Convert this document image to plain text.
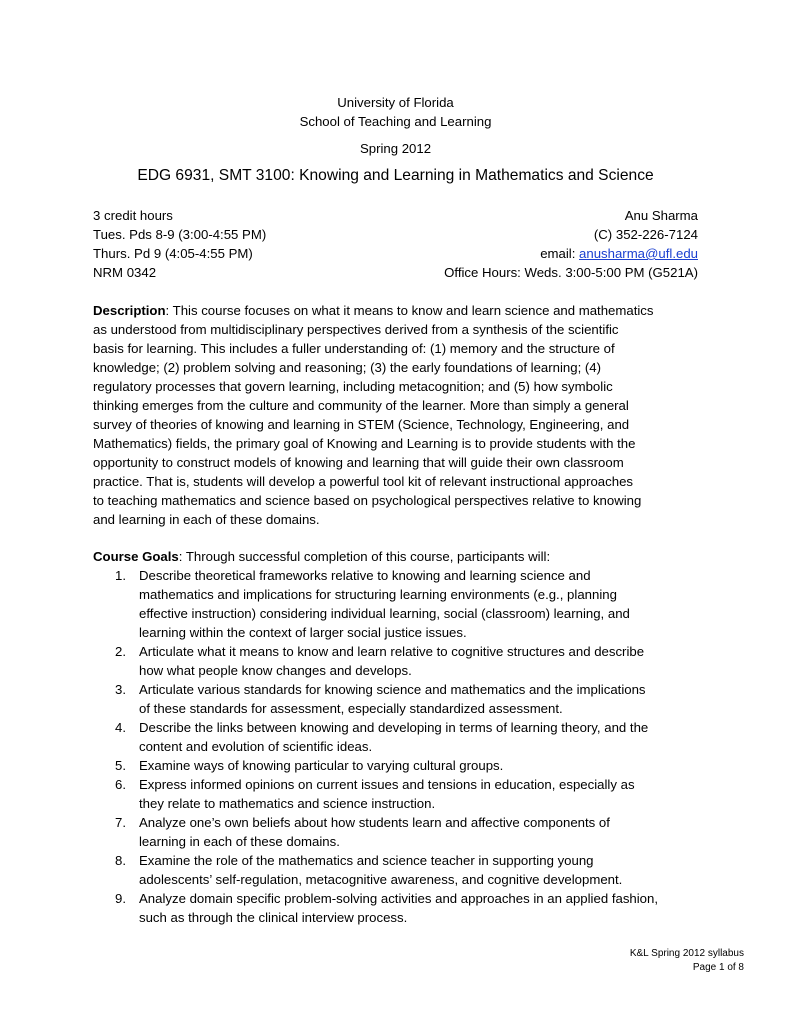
University of Florida
School of Teaching and Learning
Spring 2012
EDG 6931, SMT 3100: Knowing and Learning in Mathematics and Science
3 credit hours	Anu Sharma
Tues. Pds 8-9 (3:00-4:55 PM)	(C) 352-226-7124
Thurs. Pd 9 (4:05-4:55 PM)	email: anusharma@ufl.edu
NRM 0342	Office Hours: Weds. 3:00-5:00 PM (G521A)
Description: This course focuses on what it means to know and learn science and mathematics
as understood from multidisciplinary perspectives derived from a synthesis of the scientific
basis for learning. This includes a fuller understanding of: (1) memory and the structure of
knowledge; (2) problem solving and reasoning; (3) the early foundations of learning; (4)
regulatory processes that govern learning, including metacognition; and (5) how symbolic
thinking emerges from the culture and community of the learner. More than simply a general
survey of theories of knowing and learning in STEM (Science, Technology, Engineering, and
Mathematics) fields, the primary goal of Knowing and Learning is to provide students with the
opportunity to construct models of knowing and learning that will guide their own classroom
practice. That is, students will develop a powerful tool kit of relevant instructional approaches
to teaching mathematics and science based on psychological perspectives relative to knowing
and learning in each of these domains.
Course Goals: Through successful completion of this course, participants will:
1. Describe theoretical frameworks relative to knowing and learning science and
mathematics and implications for structuring learning environments (e.g., planning
effective instruction) considering individual learning, social (classroom) learning, and
learning within the context of larger social justice issues.
2. Articulate what it means to know and learn relative to cognitive structures and describe
how what people know changes and develops.
3. Articulate various standards for knowing science and mathematics and the implications
of these standards for assessment, especially standardized assessment.
4. Describe the links between knowing and developing in terms of learning theory, and the
content and evolution of scientific ideas.
5. Examine ways of knowing particular to varying cultural groups.
6. Express informed opinions on current issues and tensions in education, especially as
they relate to mathematics and science instruction.
7. Analyze one’s own beliefs about how students learn and affective components of
learning in each of these domains.
8. Examine the role of the mathematics and science teacher in supporting young
adolescents’ self-regulation, metacognitive awareness, and cognitive development.
9. Analyze domain specific problem-solving activities and approaches in an applied fashion,
such as through the clinical interview process.
K&L Spring 2012 syllabus
Page 1 of 8
